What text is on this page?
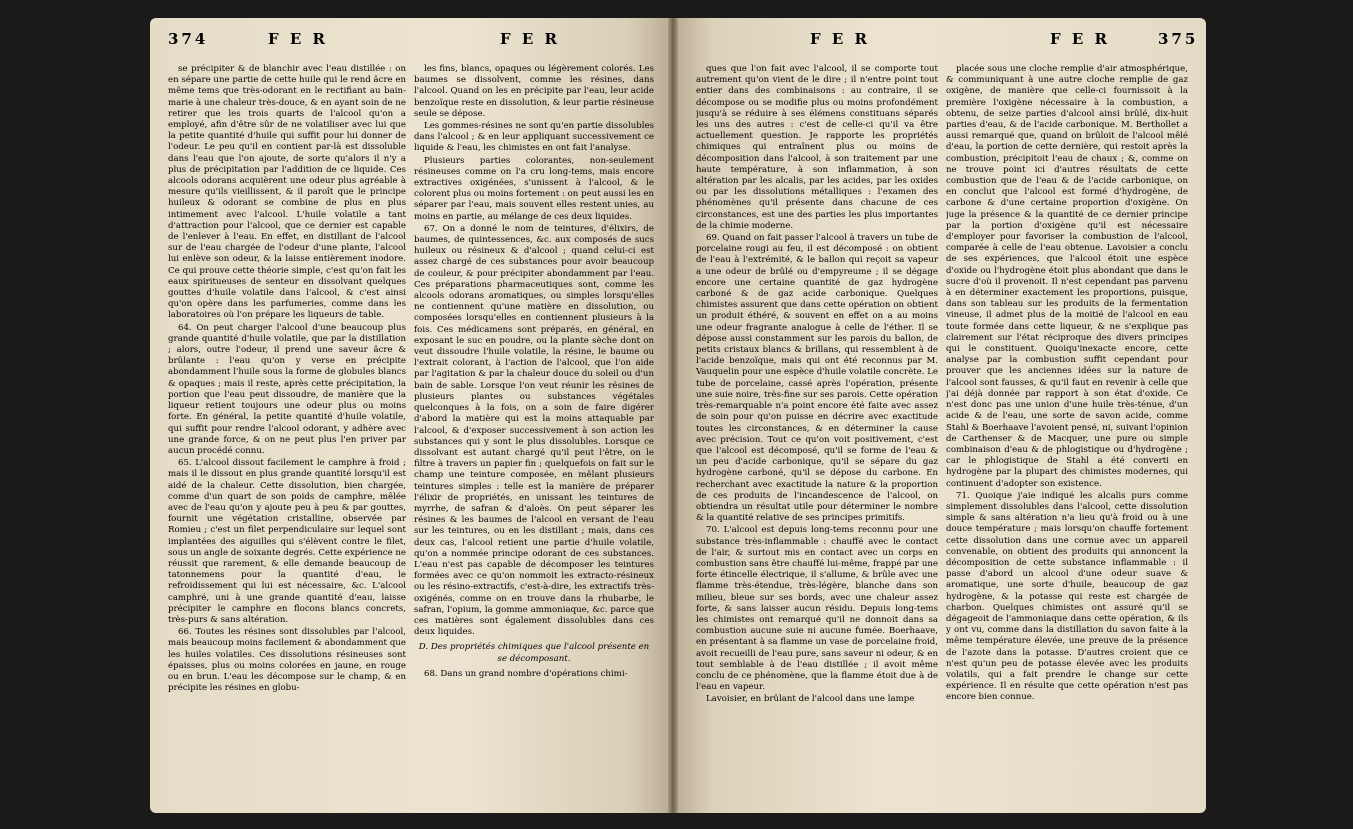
374	F E R	F E R	F E R	F E R	375

se précipiter & de blanchir avec l'eau distillée : on en sépare une partie de cette huile qui le rend âcre en même tems que très-odorant en le rectifiant au bain-marie à une chaleur très-douce, & en ayant soin de ne retirer que les trois quarts de l'alcool qu'on a employé, afin d'être sûr de ne volatiliser avec lui que la petite quantité d'huile qui suffit pour lui donner de l'odeur. Le peu qu'il en contient par-là est dissoluble dans l'eau que l'on ajoute, de sorte qu'alors il n'y a plus de précipitation par l'addition de ce liquide. Ces alcools odorans acquièrent une odeur plus agréable à mesure qu'ils vieillissent, & il paroît que le principe huileux & odorant se combine de plus en plus intimement avec l'alcool. L'huile volatile a tant d'attraction pour l'alcool, que ce dernier est capable de l'enlever à l'eau. En effet, en distillant de l'alcool sur de l'eau chargée de l'odeur d'une plante, l'alcool lui enlève son odeur, & la laisse entièrement inodore. Ce qui prouve cette théorie simple, c'est qu'on fait les eaux spiritueuses de senteur en dissolvant quelques gouttes d'huile volatile dans l'alcool, & c'est ainsi qu'on opère dans les parfumeries, comme dans les laboratoires où l'on prépare les liqueurs de table.

64. On peut charger l'alcool d'une beaucoup plus grande quantité d'huile volatile, que par la distillation ; alors, outre l'odeur, il prend une saveur âcre & brûlante : l'eau qu'on y verse en précipite abondamment l'huile sous la forme de globules blancs & opaques ; mais il reste, après cette précipitation, la portion que l'eau peut dissoudre, de manière que la liqueur retient toujours une odeur plus ou moins forte. En général, la petite quantité d'huile volatile, qui suffit pour rendre l'alcool odorant, y adhère avec une grande force, & on ne peut plus l'en priver par aucun procédé connu.

65. L'alcool dissout facilement le camphre à froid ; mais il le dissout en plus grande quantité lorsqu'il est aidé de la chaleur. Cette dissolution, bien chargée, comme d'un quart de son poids de camphre, mêlée avec de l'eau qu'on y ajoute peu à peu & par gouttes, fournit une végétation cristalline, observée par Romieu ; c'est un filet perpendiculaire sur lequel sont implantées des aiguilles qui s'élèvent contre le filet, sous un angle de soixante degrés. Cette expérience ne réussit que rarement, & elle demande beaucoup de tatonnemens pour la quantité d'eau, le refroidissement qui lui est nécessaire, &c. L'alcool camphré, uni à une grande quantité d'eau, laisse précipiter le camphre en flocons blancs concrets, très-purs & sans altération.

66. Toutes les résines sont dissolubles par l'alcool, mais beaucoup moins facilement & abondamment que les huiles volatiles. Ces dissolutions résineuses sont épaisses, plus ou moins colorées en jaune, en rouge ou en brun. L'eau les décompose sur le champ, & en précipite les résines en globu-

les fins, blancs, opaques ou légèrement colorés. Les baumes se dissolvent, comme les résines, dans l'alcool. Quand on les en précipite par l'eau, leur acide benzoïque reste en dissolution, & leur partie résineuse seule se dépose.

Les gommes-résines ne sont qu'en partie dissolubles dans l'alcool ; & en leur appliquant successivement ce liquide & l'eau, les chimistes en ont fait l'analyse.

Plusieurs parties colorantes, non-seulement résineuses comme on l'a cru long-tems, mais encore extractives oxigénées, s'unissent à l'alcool, & le colorent plus ou moins fortement : on peut aussi les en séparer par l'eau, mais souvent elles restent unies, au moins en partie, au mélange de ces deux liquides.

67. On a donné le nom de teintures, d'élixirs, de baumes, de quintessences, &c. aux composés de sucs huileux ou résineux & d'alcool ; quand celui-ci est assez chargé de ces substances pour avoir beaucoup de couleur, & pour précipiter abondamment par l'eau. Ces préparations pharmaceutiques sont, comme les alcools odorans aromatiques, ou simples lorsqu'elles ne contiennent qu'une matière en dissolution, ou composées lorsqu'elles en contiennent plusieurs à la fois. Ces médicamens sont préparés, en général, en exposant le suc en poudre, ou la plante sèche dont on veut dissoudre l'huile volatile, la résine, le baume ou l'extrait colorant, à l'action de l'alcool, que l'on aide par l'agitation & par la chaleur douce du soleil ou d'un bain de sable. Lorsque l'on veut réunir les résines de plusieurs plantes ou substances végétales quelconques à la fois, on a soin de faire digérer d'abord la matière qui est la moins attaquable par l'alcool, & d'exposer successivement à son action les substances qui y sont le plus dissolubles. Lorsque ce dissolvant est autant chargé qu'il peut l'être, on le filtre à travers un papier fin ; quelquefois on fait sur le champ une teinture composée, en mêlant plusieurs teintures simples : telle est la manière de préparer l'élixir de propriétés, en unissant les teintures de myrrhe, de safran & d'aloès. On peut séparer les résines & les baumes de l'alcool en versant de l'eau sur les teintures, ou en les distillant ; mais, dans ces deux cas, l'alcool retient une partie d'huile volatile, qu'on a nommée principe odorant de ces substances. L'eau n'est pas capable de décomposer les teintures formées avec ce qu'on nommoit les extracto-résineux ou les résino-extractifs, c'est-à-dire, les extractifs très-oxigénés, comme on en trouve dans la rhubarbe, le safran, l'opium, la gomme ammoniaque, &c. parce que ces matières sont également dissolubles dans ces deux liquides.

D. Des propriétés chimiques que l'alcool présente en se décomposant.

68. Dans un grand nombre d'opérations chimi-

ques que l'on fait avec l'alcool, il se comporte tout autrement qu'on vient de le dire ; il n'entre point tout entier dans des combinaisons : au contraire, il se décompose ou se modifie plus ou moins profondément jusqu'à se réduire à ses élémens constituans séparés les uns des autres : c'est de celle-ci qu'il va être actuellement question. Je rapporte les propriétés chimiques qui entraînent plus ou moins de décomposition dans l'alcool, à son traitement par une haute température, à son inflammation, à son altération par les alcalis, par les acides, par les oxides ou par les dissolutions métalliques : l'examen des phénomènes qu'il présente dans chacune de ces circonstances, est une des parties les plus importantes de la chimie moderne.

69. Quand on fait passer l'alcool à travers un tube de porcelaine rougi au feu, il est décomposé : on obtient de l'eau à l'extrémité, & le ballon qui reçoit sa vapeur a une odeur de brûlé ou d'empyreume ; il se dégage encore une certaine quantité de gaz hydrogène carboné & de gaz acide carbonique. Quelques chimistes assurent que dans cette opération on obtient un produit éthéré, & souvent en effet on a au moins une odeur fragrante analogue à celle de l'éther. Il se dépose aussi constamment sur les parois du ballon, de petits cristaux blancs & brillans, qui ressemblent à de l'acide benzoïque, mais qui ont été reconnus par M. Vauquelin pour une espèce d'huile volatile concrète. Le tube de porcelaine, cassé après l'opération, présente une suie noire, très-fine sur ses parois. Cette opération très-remarquable n'a point encore été faite avec assez de soin pour qu'on puisse en décrire avec exactitude toutes les circonstances, & en déterminer la cause avec précision. Tout ce qu'on voit positivement, c'est que l'alcool est décomposé, qu'il se forme de l'eau & un peu d'acide carbonique, qu'il se sépare du gaz hydrogène carboné, qu'il se dépose du carbone. En recherchant avec exactitude la nature & la proportion de ces produits de l'incandescence de l'alcool, on obtiendra un résultat utile pour déterminer le nombre & la quantité relative de ses principes primitifs.

70. L'alcool est depuis long-tems reconnu pour une substance très-inflammable : chauffé avec le contact de l'air, & surtout mis en contact avec un corps en combustion sans être chauffé lui-même, frappé par une forte étincelle électrique, il s'allume, & brûle avec une flamme très-étendue, très-légère, blanche dans son milieu, bleue sur ses bords, avec une chaleur assez forte, & sans laisser aucun résidu. Depuis long-tems les chimistes ont remarqué qu'il ne donnoit dans sa combustion aucune suie ni aucune fumée. Boerhaave, en présentant à sa flamme un vase de porcelaine froid, avoit recueilli de l'eau pure, sans saveur ni odeur, & en tout semblable à de l'eau distillée ; il avoit même conclu de ce phénomène, que la flamme étoit due à de l'eau en vapeur.

Lavoisier, en brûlant de l'alcool dans une lampe

placée sous une cloche remplie d'air atmosphérique, & communiquant à une autre cloche remplie de gaz oxigène, de manière que celle-ci fournissoit à la première l'oxigène nécessaire à la combustion, a obtenu, de seize parties d'alcool ainsi brûlé, dix-huit parties d'eau, & de l'acide carbonique. M. Berthollet a aussi remarqué que, quand on brûloit de l'alcool mêlé d'eau, la portion de cette dernière, qui restoit après la combustion, précipitoit l'eau de chaux ; &, comme on ne trouve point ici d'autres résultats de cette combustion que de l'eau & de l'acide carbonique, on en conclut que l'alcool est formé d'hydrogène, de carbone & d'une certaine proportion d'oxigène. On juge la présence & la quantité de ce dernier principe par la portion d'oxigène qu'il est nécessaire d'employer pour favoriser la combustion de l'alcool, comparée à celle de l'eau obtenue. Lavoisier a conclu de ses expériences, que l'alcool étoit une espèce d'oxide ou l'hydrogène étoit plus abondant que dans le sucre d'où il provenoit. Il n'est cependant pas parvenu à en déterminer exactement les proportions, puisque, dans son tableau sur les produits de la fermentation vineuse, il admet plus de la moitié de l'alcool en eau toute formée dans cette liqueur, & ne s'explique pas clairement sur l'état réciproque des divers principes qui le constituent. Quoiqu'inexacte encore, cette analyse par la combustion suffit cependant pour prouver que les anciennes idées sur la nature de l'alcool sont fausses, & qu'il faut en revenir à celle que j'ai déjà donnée par rapport à son état d'oxide. Ce n'est donc pas une union d'une huile très-ténue, d'un acide & de l'eau, une sorte de savon acide, comme Stahl & Boerhaave l'avoient pensé, ni, suivant l'opinion de Carthenser & de Macquer, une pure ou simple combinaison d'eau & de phlogistique ou d'hydrogène ; car le phlogistique de Stahl a été converti en hydrogène par la plupart des chimistes modernes, qui continuent d'adopter son existence.

71. Quoique j'aie indiqué les alcalis purs comme simplement dissolubles dans l'alcool, cette dissolution simple & sans altération n'a lieu qu'à froid ou à une douce température ; mais lorsqu'on chauffe fortement cette dissolution dans une cornue avec un appareil convenable, on obtient des produits qui annoncent la décomposition de cette substance inflammable : il passe d'abord un alcool d'une odeur suave & aromatique, une sorte d'huile, beaucoup de gaz hydrogène, & la potasse qui reste est chargée de charbon. Quelques chimistes ont assuré qu'il se dégageoit de l'ammoniaque dans cette opération, & ils y ont vu, comme dans la distillation du savon faite à la même température élevée, une preuve de la présence de l'azote dans la potasse. D'autres croient que ce n'est qu'un peu de potasse élevée avec les produits volatils, qui a fait prendre le change sur cette expérience. Il en résulte que cette opération n'est pas encore bien connue.
